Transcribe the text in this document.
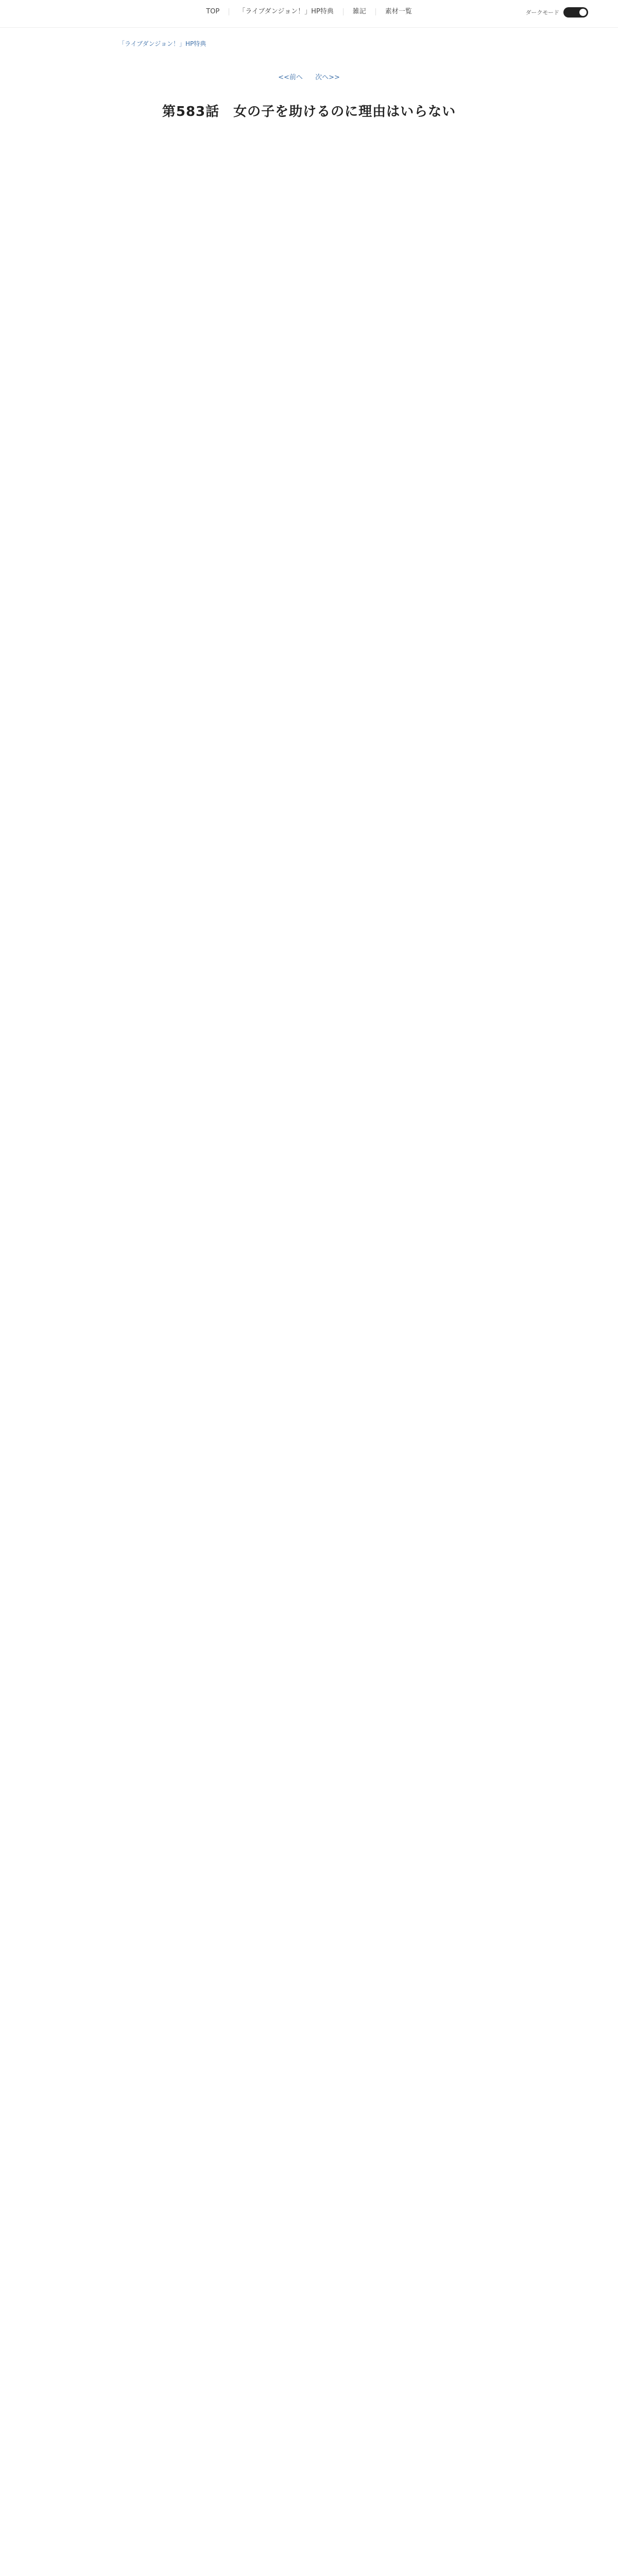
TOP	「ライブダンジョン！」HP特典	雑記	素材一覧	ダークモード
「ライブダンジョン！」HP特典
<<前へ 次へ>>
第583話　女の子を助けるのに理由はいらない
